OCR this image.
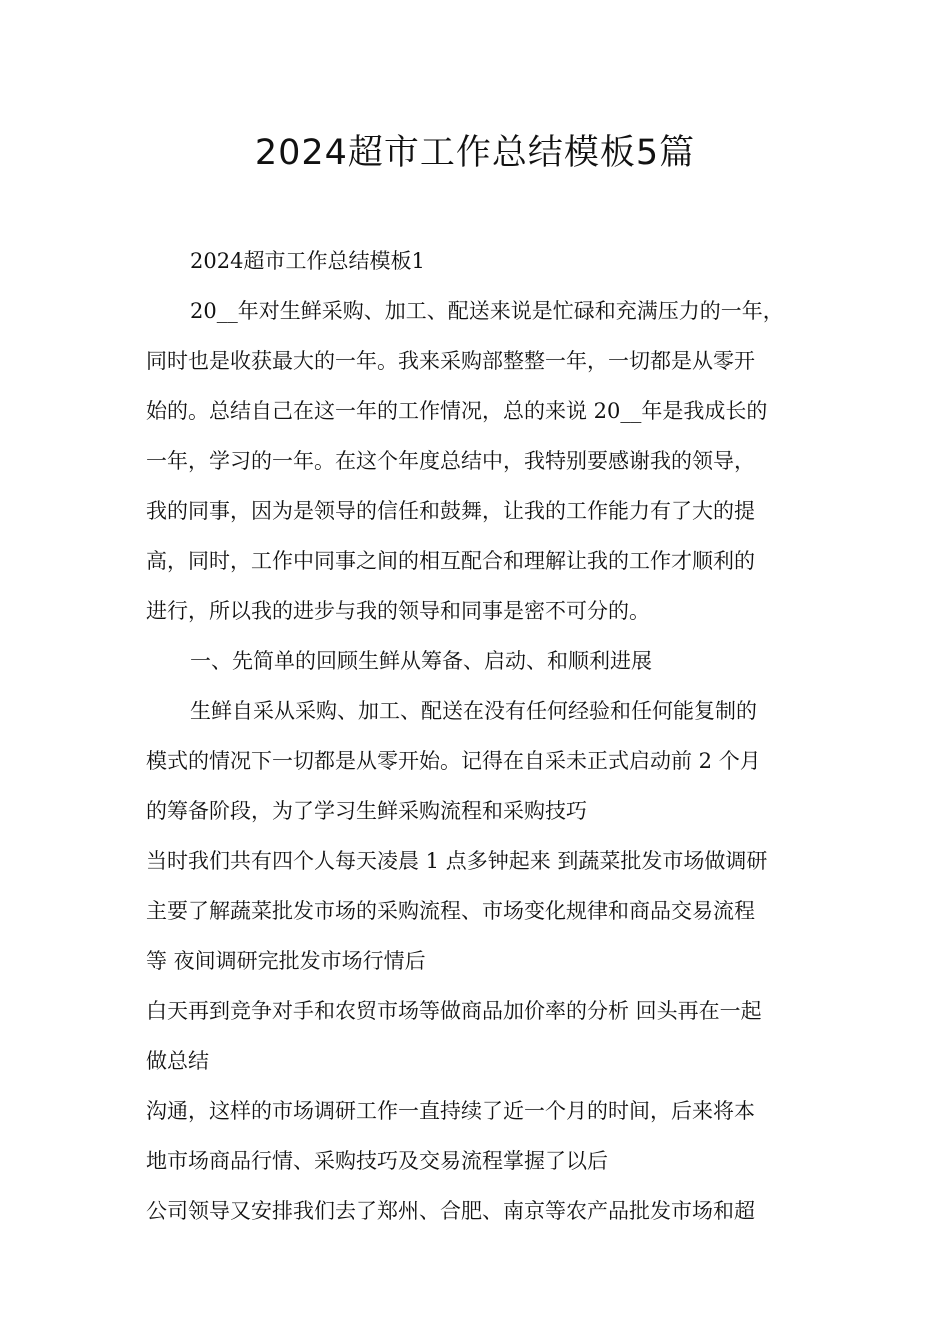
2024超市工作总结模板5篇
2024超市工作总结模板1
20__年对生鲜采购、加工、配送来说是忙碌和充满压力的一年，
同时也是收获最大的一年。我来采购部整整一年，一切都是从零开
始的。总结自己在这一年的工作情况，总的来说 20__年是我成长的
一年，学习的一年。在这个年度总结中，我特别要感谢我的领导，
我的同事，因为是领导的信任和鼓舞，让我的工作能力有了大的提
高，同时，工作中同事之间的相互配合和理解让我的工作才顺利的
进行，所以我的进步与我的领导和同事是密不可分的。
一、先简单的回顾生鲜从筹备、启动、和顺利进展
生鲜自采从采购、加工、配送在没有任何经验和任何能复制的
模式的情况下一切都是从零开始。记得在自采未正式启动前 2 个月
的筹备阶段，为了学习生鲜采购流程和采购技巧
当时我们共有四个人每天凌晨 1 点多钟起来 到蔬菜批发市场做调研
主要了解蔬菜批发市场的采购流程、市场变化规律和商品交易流程
等 夜间调研完批发市场行情后
白天再到竞争对手和农贸市场等做商品加价率的分析 回头再在一起
做总结
沟通，这样的市场调研工作一直持续了近一个月的时间，后来将本
地市场商品行情、采购技巧及交易流程掌握了以后
公司领导又安排我们去了郑州、合肥、南京等农产品批发市场和超
